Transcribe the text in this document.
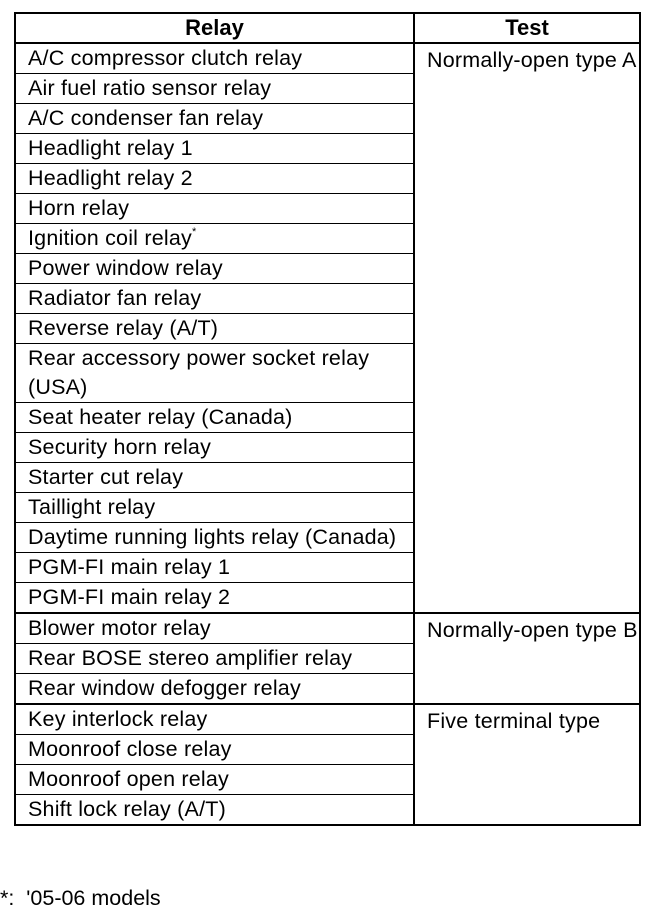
Relay	Test
A/C compressor clutch relay	Normally-open type A
Air fuel ratio sensor relay	
A/C condenser fan relay	
Headlight relay 1	
Headlight relay 2	
Horn relay	
Ignition coil relay*
Power window relay	
Radiator fan relay	
Reverse relay (A/T)	
Rear accessory power socket relay (USA)	
Seat heater relay (Canada)	
Security horn relay	
Starter cut relay	
Taillight relay	
Daytime running lights relay (Canada)	
PGM-FI main relay 1	
PGM-FI main relay 2	
Blower motor relay	Normally-open type B
Rear BOSE stereo amplifier relay	
Rear window defogger relay	
Key interlock relay	Five terminal type
Moonroof close relay	
Moonroof open relay	
Shift lock relay (A/T)	
*:  '05-06 models
